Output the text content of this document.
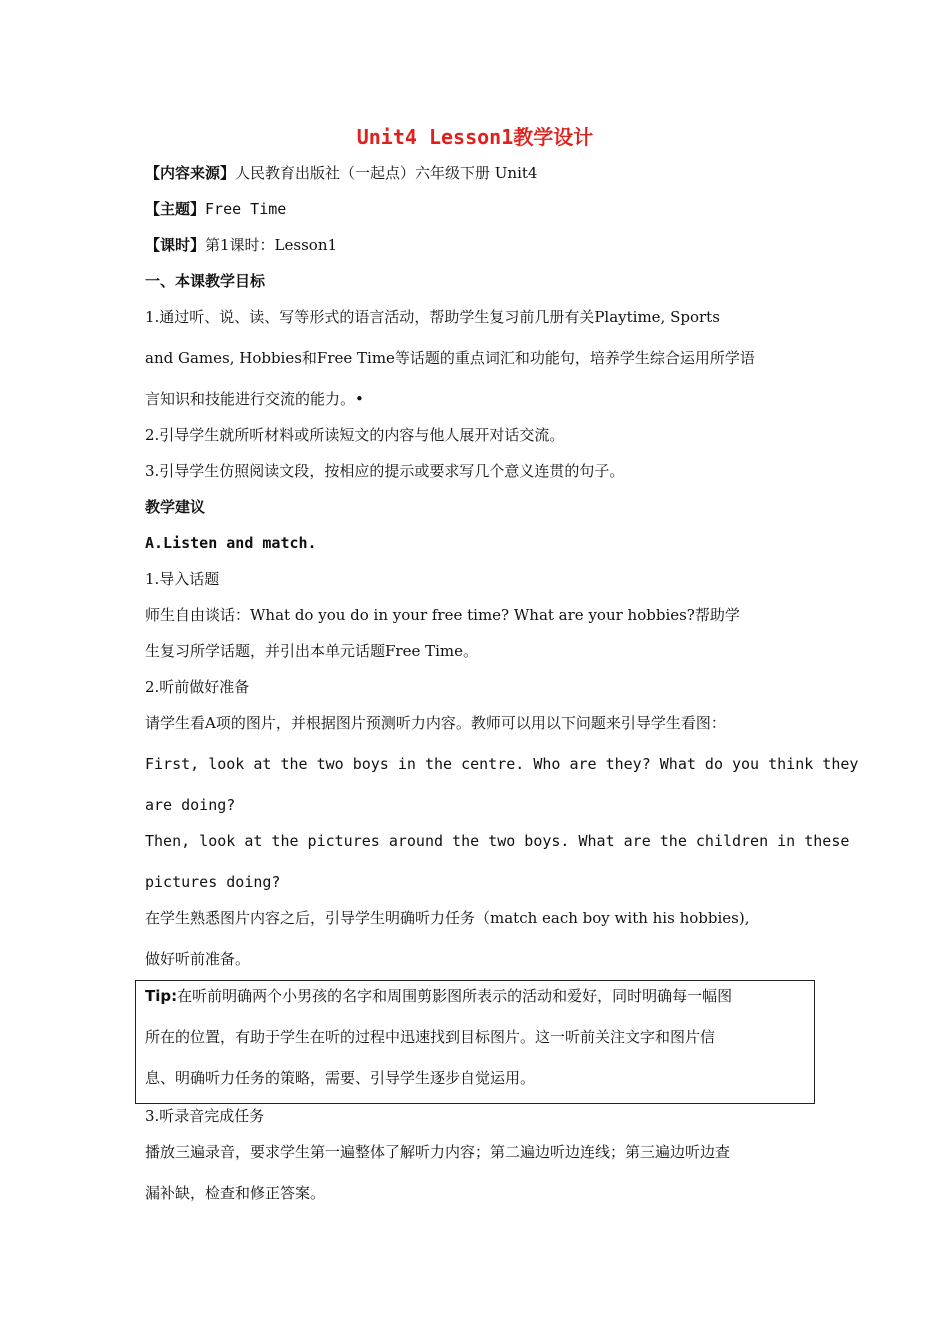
Unit4 Lesson1教学设计
【内容来源】人民教育出版社（一起点）六年级下册 Unit4
【主题】Free Time
【课时】第1课时：Lesson1
一、本课教学目标
1.通过听、说、读、写等形式的语言活动，帮助学生复习前几册有关Playtime, Sports
and Games, Hobbies和Free Time等话题的重点词汇和功能句，培养学生综合运用所学语
言知识和技能进行交流的能力。•
2.引导学生就所听材料或所读短文的内容与他人展开对话交流。
3.引导学生仿照阅读文段，按相应的提示或要求写几个意义连贯的句子。
教学建议
A.Listen and match.
1.导入话题
师生自由谈话：What do you do in your free time? What are your hobbies?帮助学
生复习所学话题，并引出本单元话题Free Time。
2.听前做好准备
请学生看A项的图片，并根据图片预测听力内容。教师可以用以下问题来引导学生看图：
First, look at the two boys in the centre. Who are they? What do you think they
are doing?
Then, look at the pictures around the two boys. What are the children in these
pictures doing?
在学生熟悉图片内容之后，引导学生明确听力任务（match each boy with his hobbies),
做好听前准备。
Tip:在听前明确两个小男孩的名字和周围剪影图所表示的活动和爱好，同时明确每一幅图
所在的位置，有助于学生在听的过程中迅速找到目标图片。这一听前关注文字和图片信
息、明确听力任务的策略，需要、引导学生逐步自觉运用。
3.听录音完成任务
播放三遍录音，要求学生第一遍整体了解听力内容；第二遍边听边连线；第三遍边听边查
漏补缺，检查和修正答案。
